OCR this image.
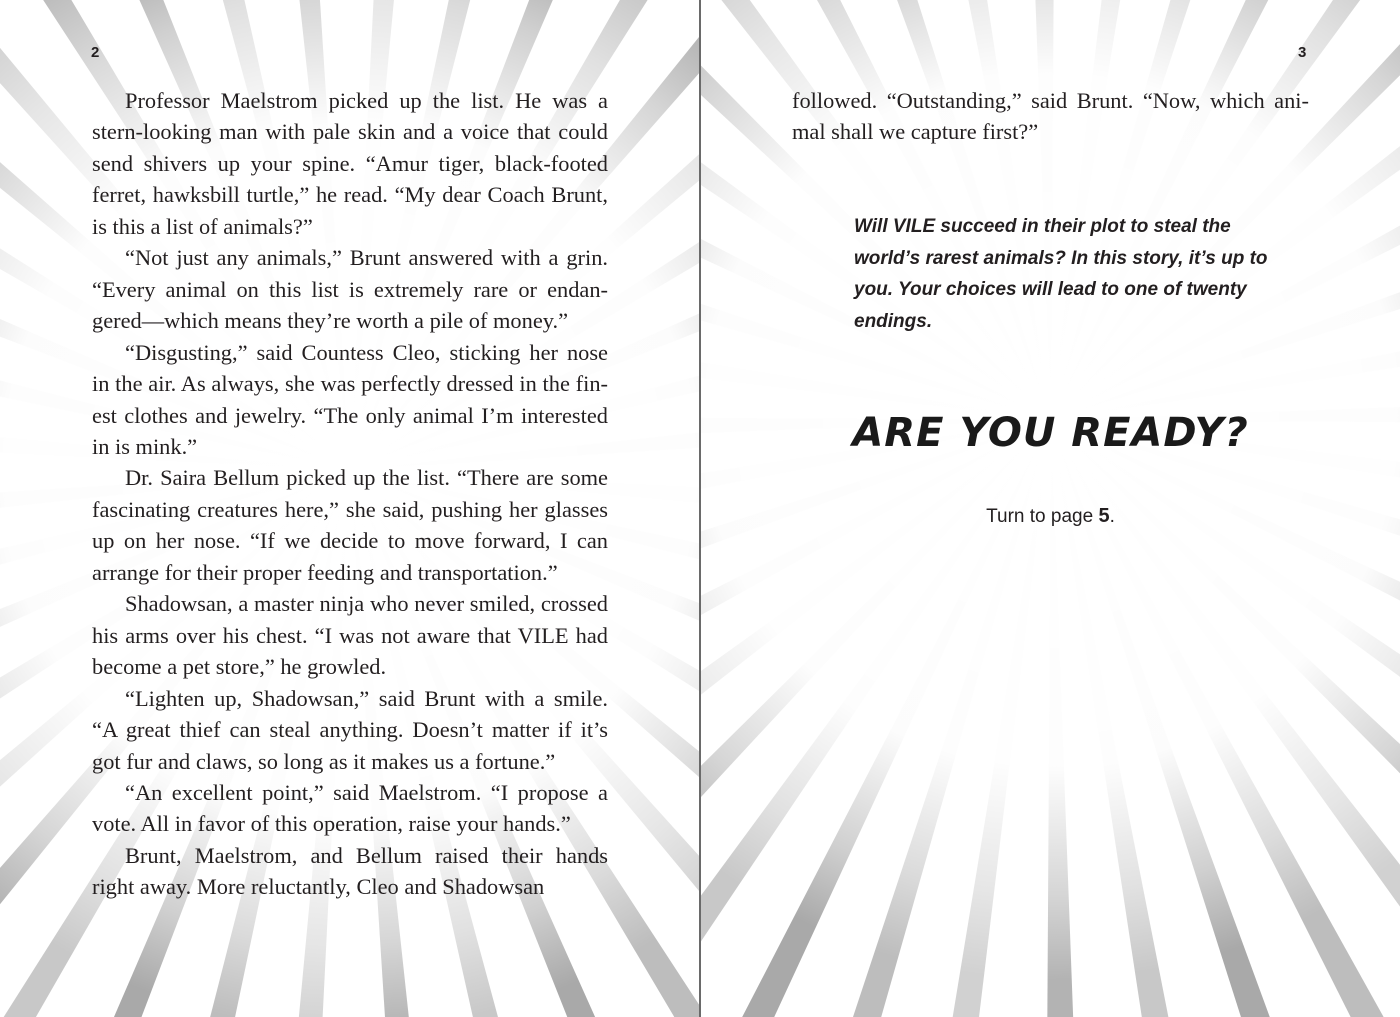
2

Professor Maelstrom picked up the list. He was a stern-looking man with pale skin and a voice that could send shivers up your spine. “Amur tiger, black-footed ferret, hawksbill turtle,” he read. “My dear Coach Brunt, is this a list of animals?”

“Not just any animals,” Brunt answered with a grin. “Every animal on this list is extremely rare or endangered—which means they’re worth a pile of money.”

“Disgusting,” said Countess Cleo, sticking her nose in the air. As always, she was perfectly dressed in the finest clothes and jewelry. “The only animal I’m interested in is mink.”

Dr. Saira Bellum picked up the list. “There are some fascinating creatures here,” she said, pushing her glasses up on her nose. “If we decide to move forward, I can arrange for their proper feeding and transportation.”

Shadowsan, a master ninja who never smiled, crossed his arms over his chest. “I was not aware that VILE had become a pet store,” he growled.

“Lighten up, Shadowsan,” said Brunt with a smile. “A great thief can steal anything. Doesn’t matter if it’s got fur and claws, so long as it makes us a fortune.”

“An excellent point,” said Maelstrom. “I propose a vote. All in favor of this operation, raise your hands.”

Brunt, Maelstrom, and Bellum raised their hands right away. More reluctantly, Cleo and Shadowsan

3

followed. “Outstanding,” said Brunt. “Now, which animal shall we capture first?”

Will VILE succeed in their plot to steal the world’s rarest animals? In this story, it’s up to you. Your choices will lead to one of twenty endings.

ARE YOU READY?
Turn to page 5.
